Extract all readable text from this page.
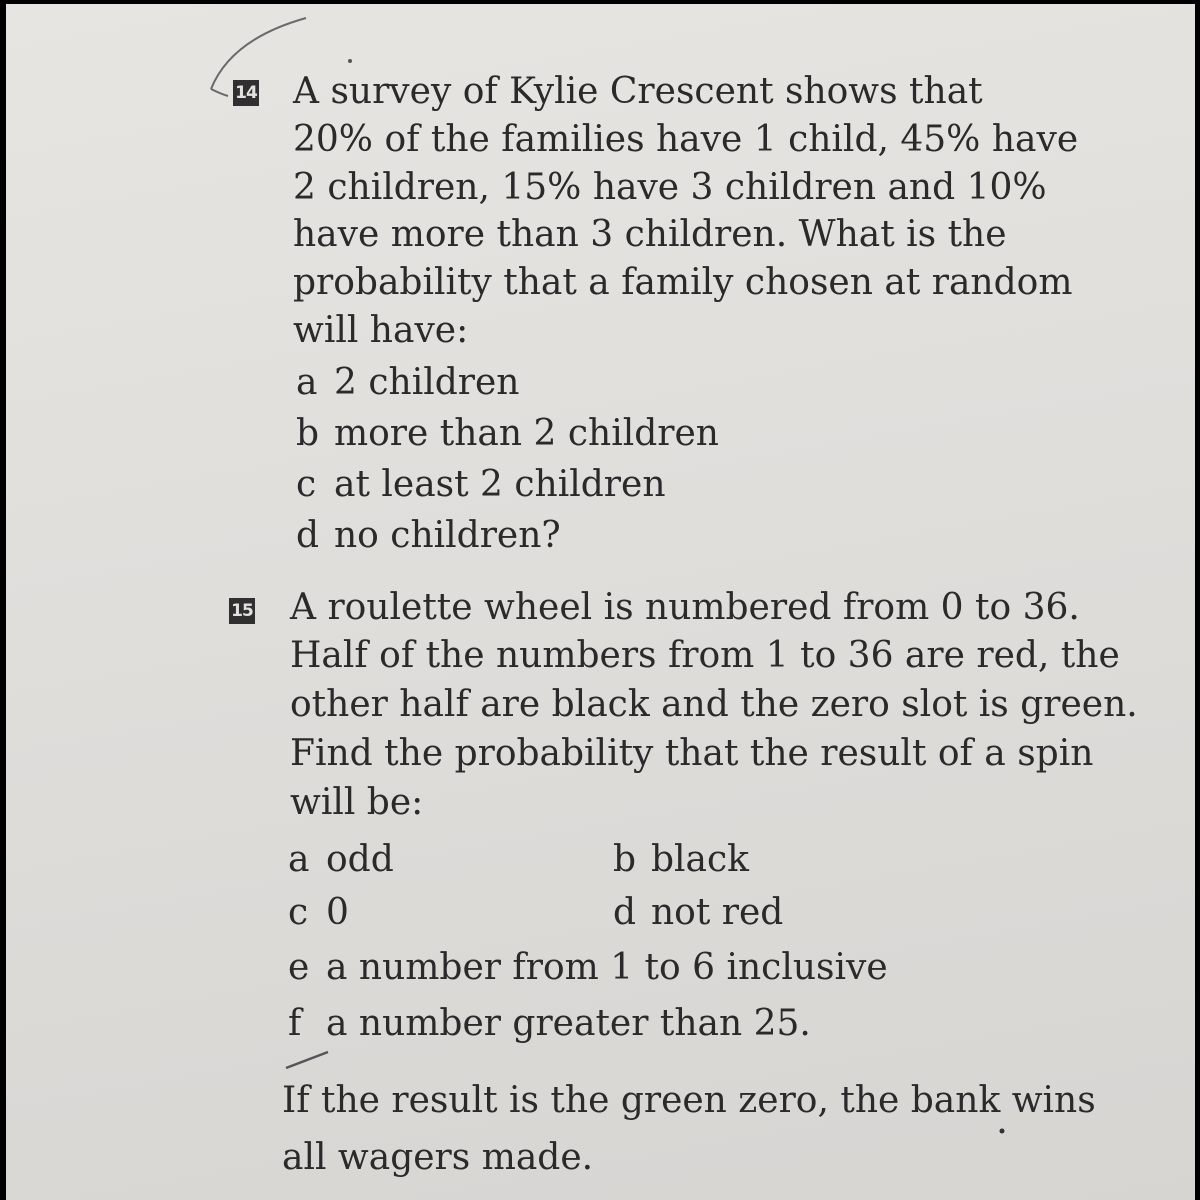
14 A survey of Kylie Crescent shows that
20% of the families have 1 child, 45% have
2 children, 15% have 3 children and 10%
have more than 3 children. What is the
probability that a family chosen at random
will have:
a 2 children
b more than 2 children
c at least 2 children
d no children?
15 A roulette wheel is numbered from 0 to 36.
Half of the numbers from 1 to 36 are red, the
other half are black and the zero slot is green.
Find the probability that the result of a spin
will be:
a odd	b black
c 0	d not red
e a number from 1 to 6 inclusive
f a number greater than 25.
If the result is the green zero, the bank wins
all wagers made.
